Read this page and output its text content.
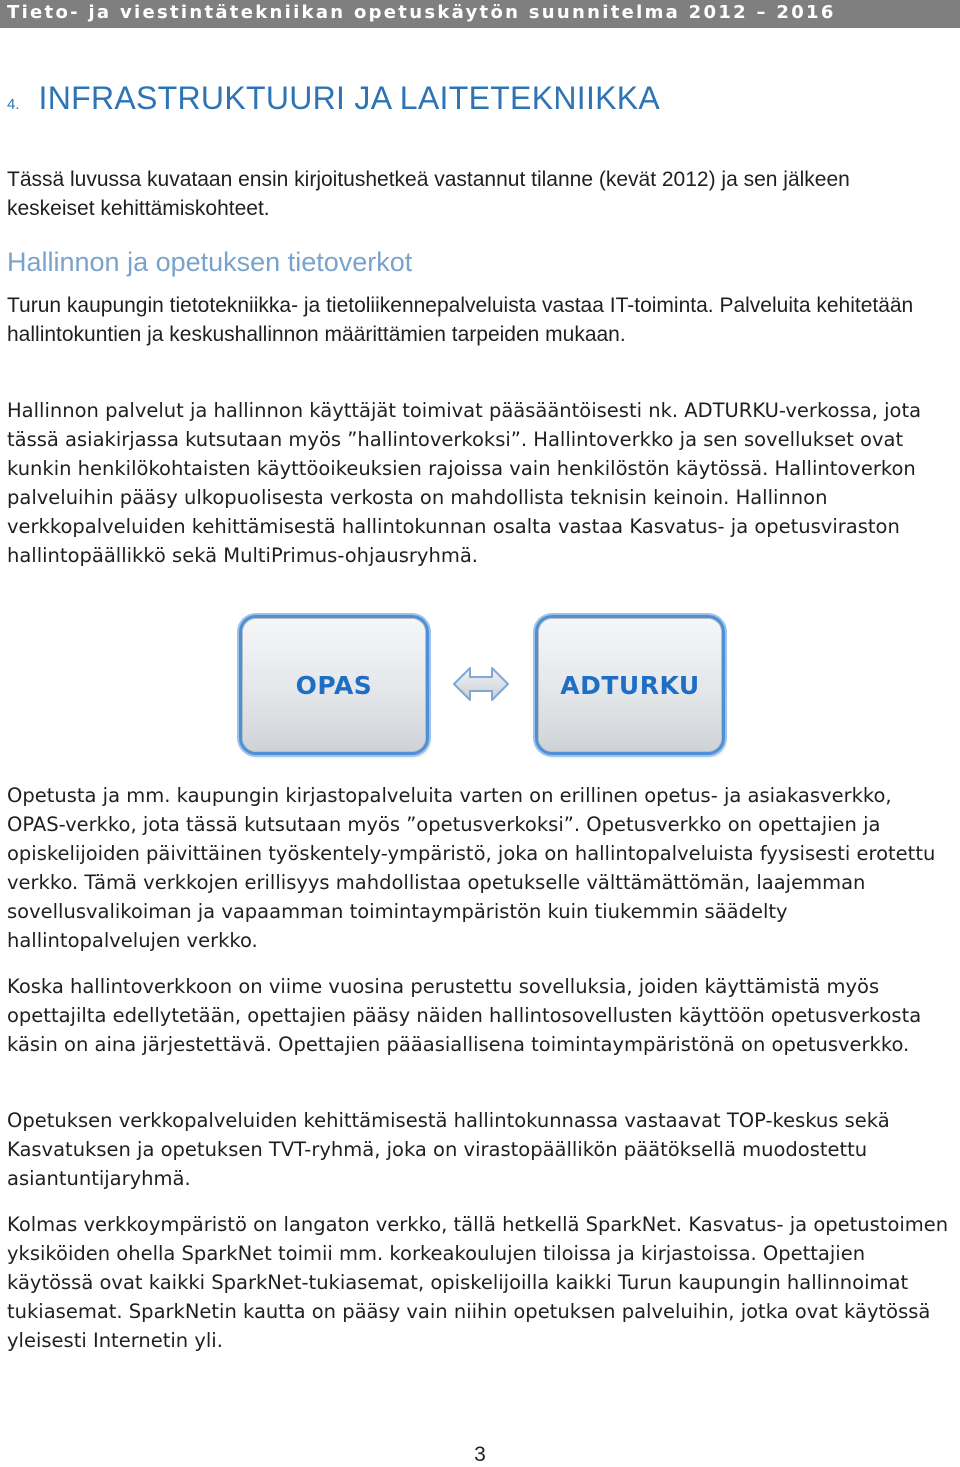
Tieto- ja viestintätekniikan opetuskäytön suunnitelma 2012 – 2016
4. INFRASTRUKTUURI JA LAITETEKNIIKKA

Tässä luvussa kuvataan ensin kirjoitushetkeä vastannut tilanne (kevät 2012) ja sen jälkeen keskeiset kehittämiskohteet.

Hallinnon ja opetuksen tietoverkot

Turun kaupungin tietotekniikka- ja tietoliikennepalveluista vastaa IT-toiminta. Palveluita kehitetään hallintokuntien ja keskushallinnon määrittämien tarpeiden mukaan.

Hallinnon palvelut ja hallinnon käyttäjät toimivat pääsääntöisesti nk. ADTURKU-verkossa, jota tässä asiakirjassa kutsutaan myös ”hallintoverkoksi”. Hallintoverkko ja sen sovellukset ovat kunkin henkilökohtaisten käyttöoikeuksien rajoissa vain henkilöstön käytössä. Hallintoverkon palveluihin pääsy ulkopuolisesta verkosta on mahdollista teknisin keinoin. Hallinnon verkkopalveluiden kehittämisestä hallintokunnan osalta vastaa Kasvatus- ja opetusviraston hallintopäällikkö sekä MultiPrimus-ohjausryhmä.

OPAS	ADTURKU

Opetusta ja mm. kaupungin kirjastopalveluita varten on erillinen opetus- ja asiakasverkko, OPAS-verkko, jota tässä kutsutaan myös ”opetusverkoksi”. Opetusverkko on opettajien ja opiskelijoiden päivittäinen työskentely-ympäristö, joka on hallintopalveluista fyysisesti erotettu verkko. Tämä verkkojen erillisyys mahdollistaa opetukselle välttämättömän, laajemman sovellusvalikoiman ja vapaamman toimintaympäristön kuin tiukemmin säädelty hallintopalvelujen verkko.

Koska hallintoverkkoon on viime vuosina perustettu sovelluksia, joiden käyttämistä myös opettajilta edellytetään, opettajien pääsy näiden hallintosovellusten käyttöön opetusverkosta käsin on aina järjestettävä. Opettajien pääasiallisena toimintaympäristönä on opetusverkko.

Opetuksen verkkopalveluiden kehittämisestä hallintokunnassa vastaavat TOP-keskus sekä Kasvatuksen ja opetuksen TVT-ryhmä, joka on virastopäällikön päätöksellä muodostettu asiantuntijaryhmä.

Kolmas verkkoympäristö on langaton verkko, tällä hetkellä SparkNet. Kasvatus- ja opetustoimen yksiköiden ohella SparkNet toimii mm. korkeakoulujen tiloissa ja kirjastoissa. Opettajien käytössä ovat kaikki SparkNet-tukiasemat, opiskelijoilla kaikki Turun kaupungin hallinnoimat tukiasemat. SparkNetin kautta on pääsy vain niihin opetuksen palveluihin, jotka ovat käytössä yleisesti Internetin yli.

3
